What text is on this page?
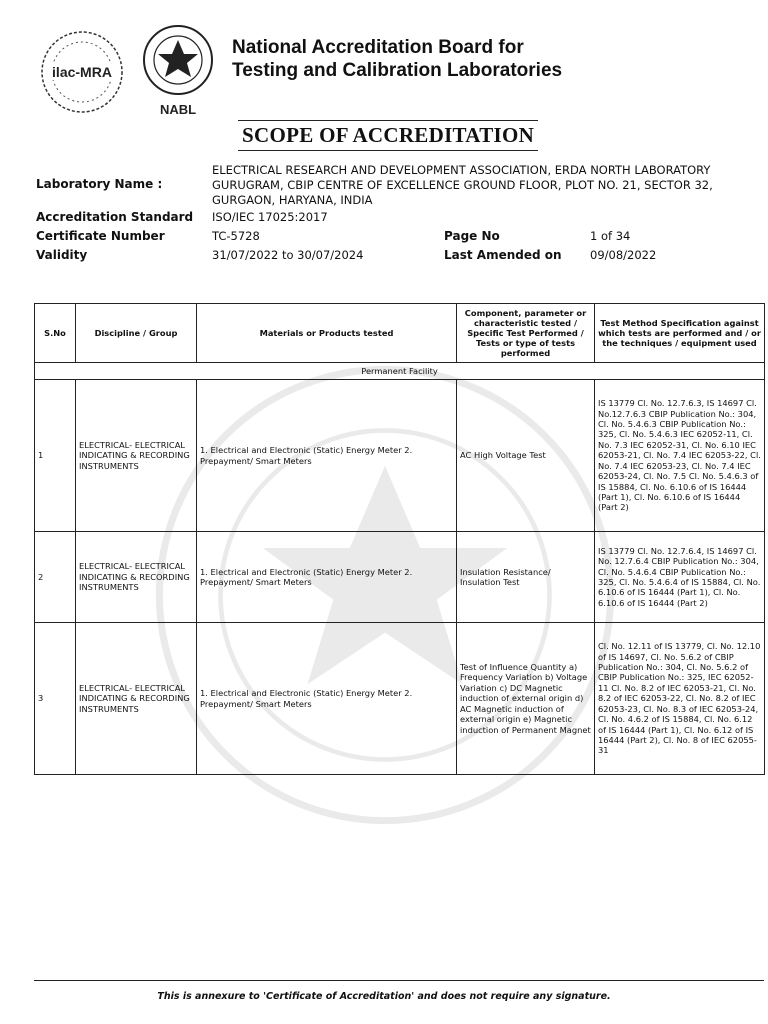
ilac-MRA
NABL
National Accreditation Board for
Testing and Calibration Laboratories
SCOPE OF ACCREDITATION
Laboratory Name :
ELECTRICAL RESEARCH AND DEVELOPMENT ASSOCIATION, ERDA NORTH LABORATORY
GURUGRAM, CBIP CENTRE OF EXCELLENCE GROUND FLOOR, PLOT NO. 21, SECTOR 32,
GURGAON, HARYANA, INDIA
Accreditation Standard ISO/IEC 17025:2017
Certificate Number	TC-5728	Page No	1 of 34
Validity	31/07/2022 to 30/07/2024	Last Amended on 09/08/2022
S.No	Discipline / Group	Materials or Products tested	Component, parameter or characteristic tested / Specific Test Performed / Tests or type of tests performed	Test Method Specification against which tests are performed and / or the techniques / equipment used
Permanent Facility				
1	ELECTRICAL- ELECTRICAL INDICATING & RECORDING INSTRUMENTS	1. Electrical and Electronic (Static) Energy Meter 2. Prepayment/ Smart Meters	AC High Voltage Test	IS 13779 Cl. No. 12.7.6.3, IS 14697 Cl. No.12.7.6.3 CBIP Publication No.: 304, Cl. No. 5.4.6.3 CBIP Publication No.: 325, Cl. No. 5.4.6.3 IEC 62052-11, Cl. No. 7.3 IEC 62052-31, Cl. No. 6.10 IEC 62053-21, Cl. No. 7.4 IEC 62053-22, Cl. No. 7.4 IEC 62053-23, Cl. No. 7.4 IEC 62053-24, Cl. No. 7.5 Cl. No. 5.4.6.3 of IS 15884, Cl. No. 6.10.6 of IS 16444 (Part 1), Cl. No. 6.10.6 of IS 16444 (Part 2)
2	ELECTRICAL- ELECTRICAL INDICATING & RECORDING INSTRUMENTS	1. Electrical and Electronic (Static) Energy Meter 2. Prepayment/ Smart Meters	Insulation Resistance/ Insulation Test	IS 13779 Cl. No. 12.7.6.4, IS 14697 Cl. No. 12.7.6.4 CBIP Publication No.: 304, Cl. No. 5.4.6.4 CBIP Publication No.: 325, Cl. No. 5.4.6.4 of IS 15884, Cl. No. 6.10.6 of IS 16444 (Part 1), Cl. No. 6.10.6 of IS 16444 (Part 2)
3	ELECTRICAL- ELECTRICAL INDICATING & RECORDING INSTRUMENTS	1. Electrical and Electronic (Static) Energy Meter 2. Prepayment/ Smart Meters	Test of Influence Quantity a) Frequency Variation b) Voltage Variation c) DC Magnetic induction of external origin d) AC Magnetic induction of external origin e) Magnetic induction of Permanent Magnet	Cl. No. 12.11 of IS 13779, Cl. No. 12.10 of IS 14697, Cl. No. 5.6.2 of CBIP Publication No.: 304, Cl. No. 5.6.2 of CBIP Publication No.: 325, IEC 62052-11 Cl. No. 8.2 of IEC 62053-21, Cl. No. 8.2 of IEC 62053-22, Cl. No. 8.2 of IEC 62053-23, Cl. No. 8.3 of IEC 62053-24, Cl. No. 4.6.2 of IS 15884, Cl. No. 6.12 of IS 16444 (Part 1), Cl. No. 6.12 of IS 16444 (Part 2), Cl. No. 8 of IEC 62055-31
This is annexure to 'Certificate of Accreditation' and does not require any signature.
